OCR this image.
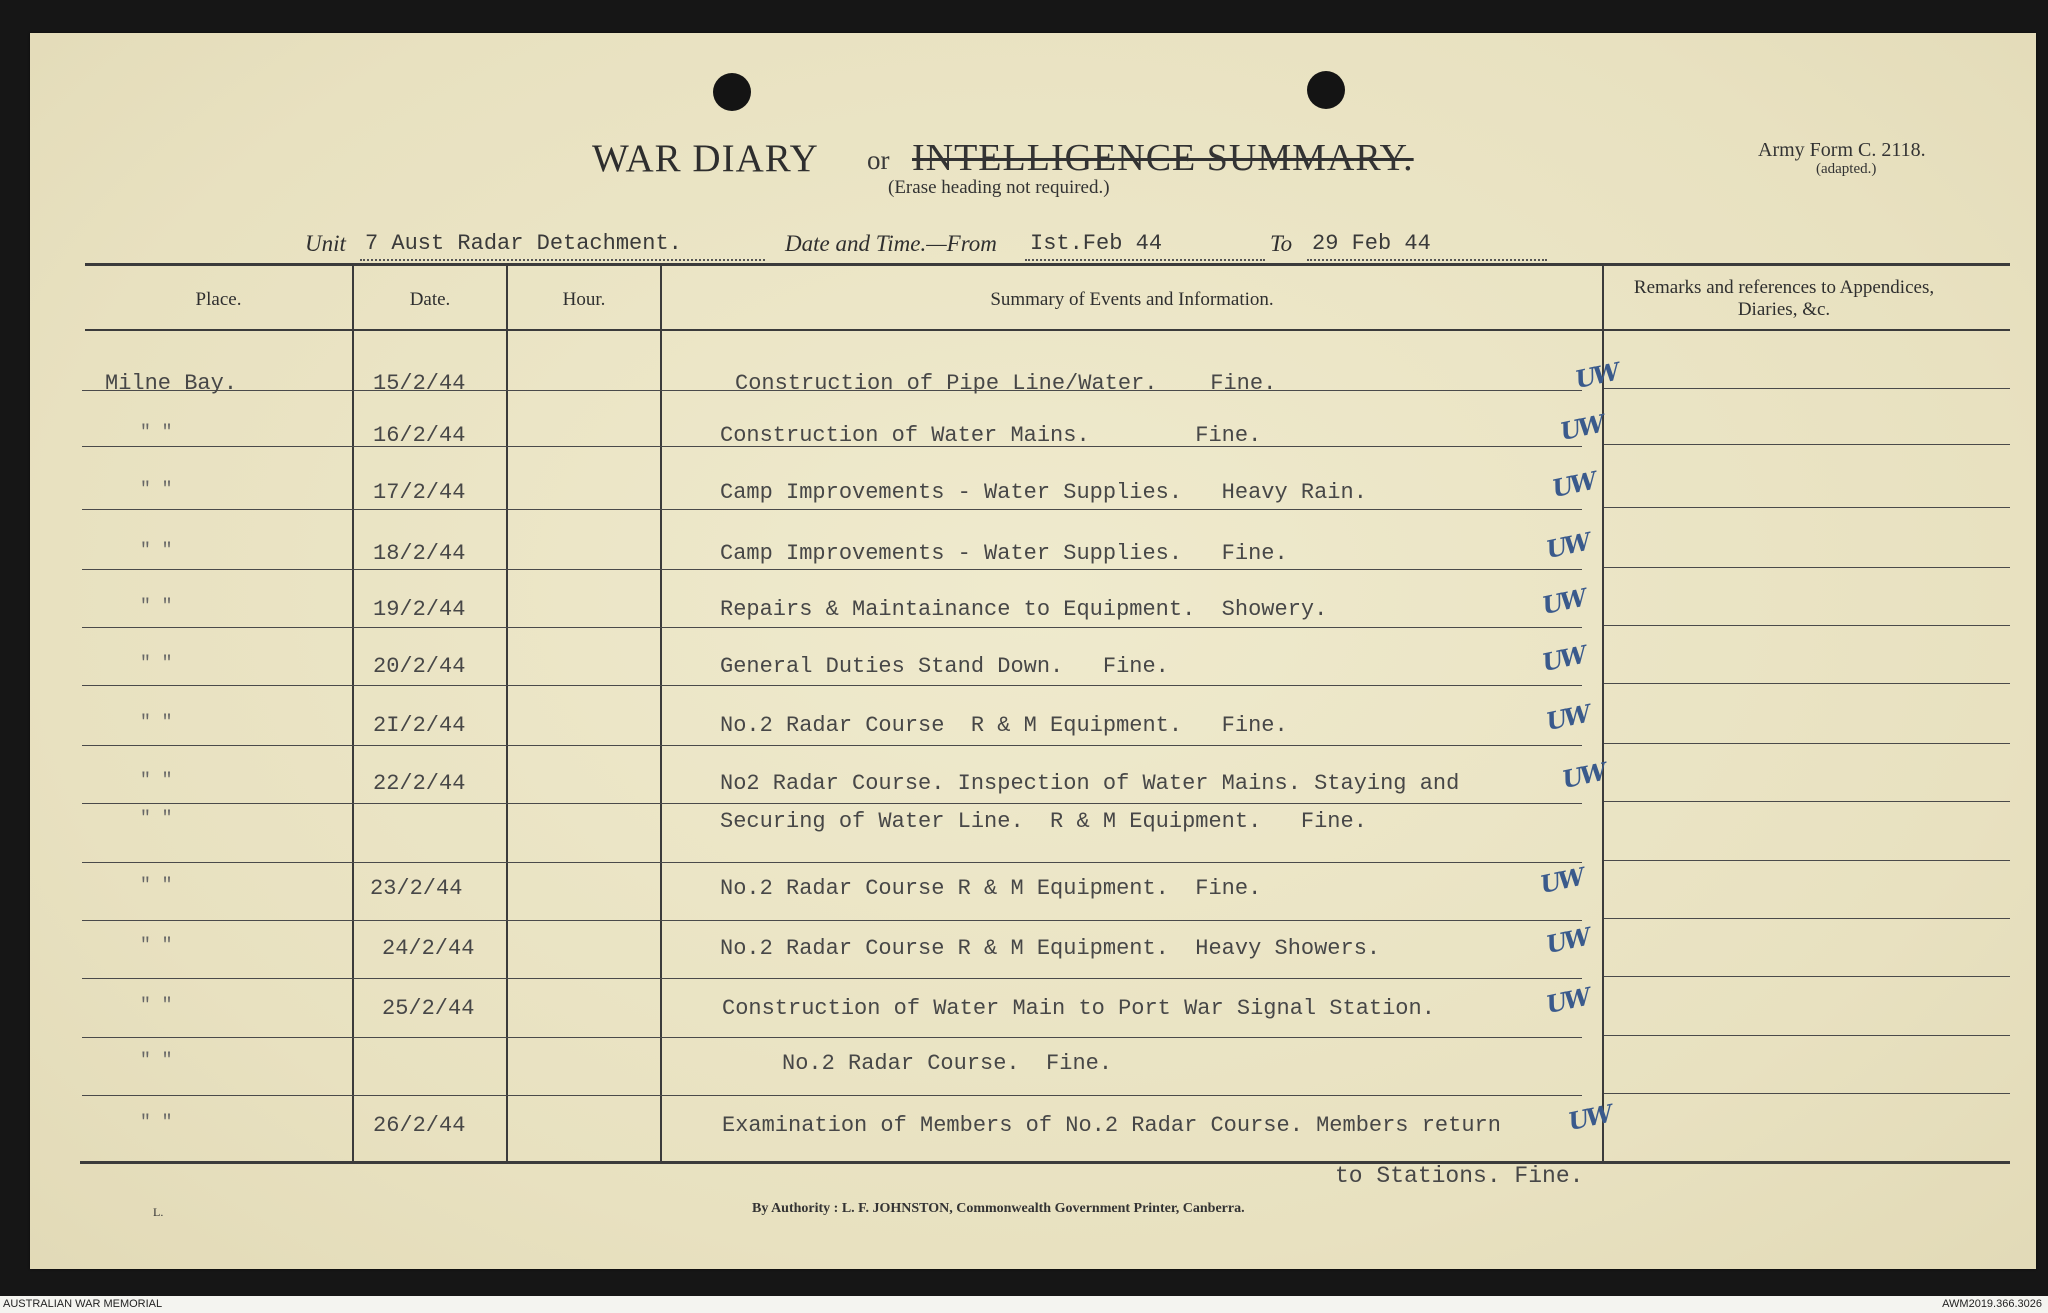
WAR DIARY or INTELLIGENCE SUMMARY.
(Erase heading not required.)
Army Form C. 2118.
(adapted.)
Unit 7 Aust Radar Detachment.	Date and Time.—From Ist.Feb 44	To 29 Feb 44
Place.	Date.	Hour.	Summary of Events and Information.
Remarks and references to Appendices, Diaries, &c.
Milne Bay.	15/2/44	Construction of Pipe Line/Water.    Fine.	UW
" "	16/2/44	Construction of Water Mains.        Fine.	UW
" "	17/2/44	Camp Improvements - Water Supplies.   Heavy Rain.	UW
" "	18/2/44	Camp Improvements - Water Supplies.   Fine.	UW
" "	19/2/44	Repairs & Maintainance to Equipment.  Showery.	UW
" "	20/2/44	General Duties Stand Down.   Fine.	UW
" "	2I/2/44	No.2 Radar Course  R & M Equipment.   Fine.	UW
" "	22/2/44	No2 Radar Course. Inspection of Water Mains. Staying and	UW
" "	Securing of Water Line.  R & M Equipment.   Fine.
" "	23/2/44	No.2 Radar Course R & M Equipment.  Fine.	UW
" "	24/2/44	No.2 Radar Course R & M Equipment.  Heavy Showers.	UW
" "	25/2/44	Construction of Water Main to Port War Signal Station.	UW
" "	No.2 Radar Course.  Fine.
" "	26/2/44	Examination of Members of No.2 Radar Course. Members return	UW
to Stations. Fine.
L.	By Authority : L. F. JOHNSTON, Commonwealth Government Printer, Canberra.
AUSTRALIAN WAR MEMORIAL	AWM2019.366.3026
